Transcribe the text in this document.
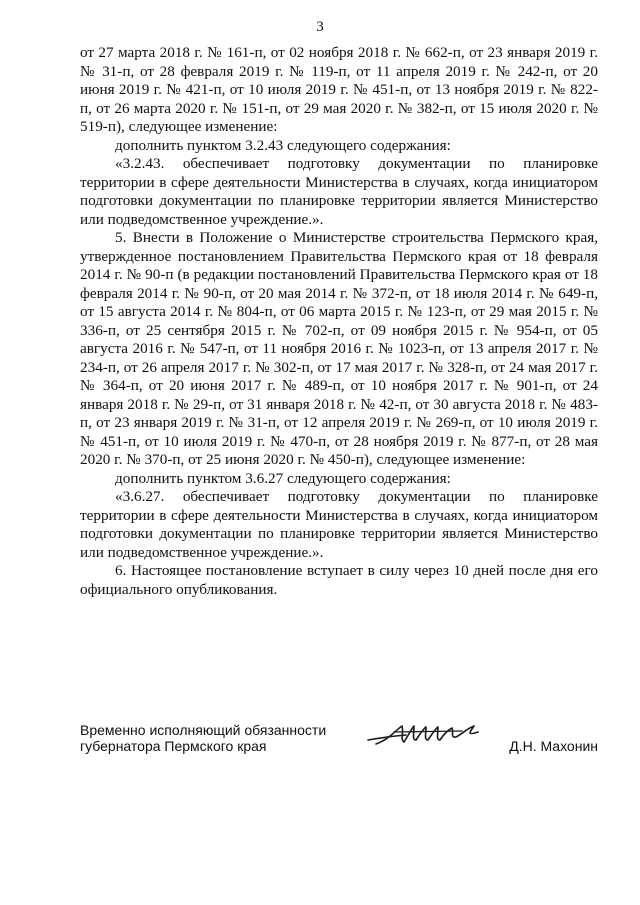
3

от 27 марта 2018 г. № 161-п, от 02 ноября 2018 г. № 662-п, от 23 января 2019 г. № 31-п, от 28 февраля 2019 г. № 119-п, от 11 апреля 2019 г. № 242-п, от 20 июня 2019 г. № 421-п, от 10 июля 2019 г. № 451-п, от 13 ноября 2019 г. № 822-п, от 26 марта 2020 г. № 151-п, от 29 мая 2020 г. № 382-п, от 15 июля 2020 г. № 519-п), следующее изменение:

дополнить пунктом 3.2.43 следующего содержания:

«3.2.43. обеспечивает подготовку документации по планировке территории в сфере деятельности Министерства в случаях, когда инициатором подготовки документации по планировке территории является Министерство или подведомственное учреждение.».

5. Внести в Положение о Министерстве строительства Пермского края, утвержденное постановлением Правительства Пермского края от 18 февраля 2014 г. № 90-п (в редакции постановлений Правительства Пермского края от 18 февраля 2014 г. № 90-п, от 20 мая 2014 г. № 372-п, от 18 июля 2014 г. № 649-п, от 15 августа 2014 г. № 804-п, от 06 марта 2015 г. № 123-п, от 29 мая 2015 г. № 336-п, от 25 сентября 2015 г. № 702-п, от 09 ноября 2015 г. № 954-п, от 05 августа 2016 г. № 547-п, от 11 ноября 2016 г. № 1023-п, от 13 апреля 2017 г. № 234-п, от 26 апреля 2017 г. № 302-п, от 17 мая 2017 г. № 328-п, от 24 мая 2017 г. № 364-п, от 20 июня 2017 г. № 489-п, от 10 ноября 2017 г. № 901-п, от 24 января 2018 г. № 29-п, от 31 января 2018 г. № 42-п, от 30 августа 2018 г. № 483-п, от 23 января 2019 г. № 31-п, от 12 апреля 2019 г. № 269-п, от 10 июля 2019 г. № 451-п, от 10 июля 2019 г. № 470-п, от 28 ноября 2019 г. № 877-п, от 28 мая 2020 г. № 370-п, от 25 июня 2020 г. № 450-п), следующее изменение:

дополнить пунктом 3.6.27 следующего содержания:

«3.6.27. обеспечивает подготовку документации по планировке территории в сфере деятельности Министерства в случаях, когда инициатором подготовки документации по планировке территории является Министерство или подведомственное учреждение.».

6. Настоящее постановление вступает в силу через 10 дней после дня его официального опубликования.

Временно исполняющий обязанности
губернатора Пермского края	Д.Н. Махонин
